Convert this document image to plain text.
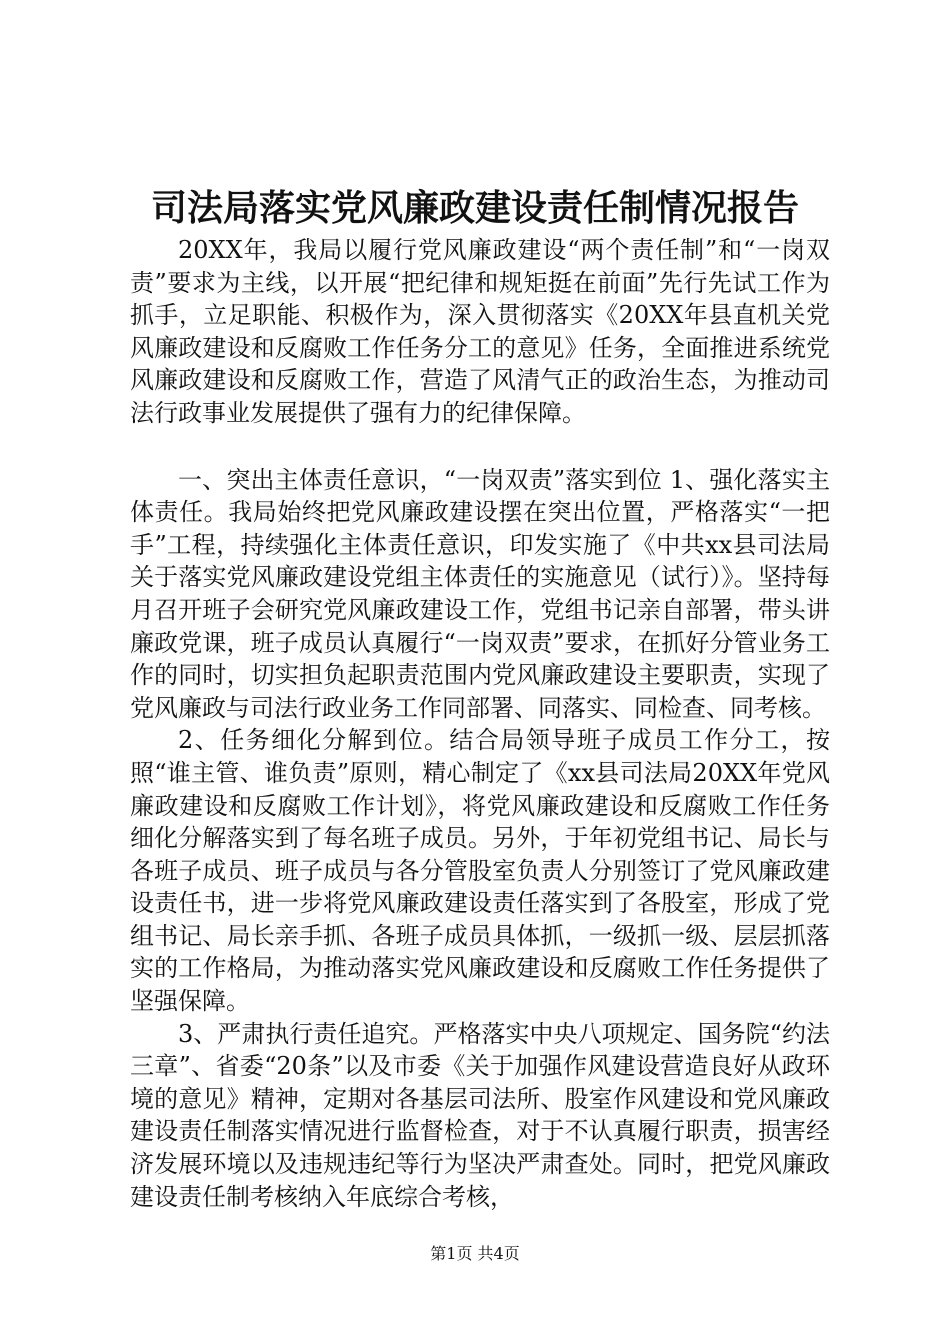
司法局落实党风廉政建设责任制情况报告

20XX年，我局以履行党风廉政建设“两个责任制”和“一岗双责”要求为主线，以开展“把纪律和规矩挺在前面”先行先试工作为抓手，立足职能、积极作为，深入贯彻落实《20XX年县直机关党风廉政建设和反腐败工作任务分工的意见》任务，全面推进系统党风廉政建设和反腐败工作，营造了风清气正的政治生态，为推动司法行政事业发展提供了强有力的纪律保障。

一、突出主体责任意识，“一岗双责”落实到位 1、强化落实主体责任。我局始终把党风廉政建设摆在突出位置，严格落实“一把手”工程，持续强化主体责任意识，印发实施了《中共xx县司法局关于落实党风廉政建设党组主体责任的实施意见（试行）》。坚持每月召开班子会研究党风廉政建设工作，党组书记亲自部署，带头讲廉政党课，班子成员认真履行“一岗双责”要求，在抓好分管业务工作的同时，切实担负起职责范围内党风廉政建设主要职责，实现了党风廉政与司法行政业务工作同部署、同落实、同检查、同考核。

2、任务细化分解到位。结合局领导班子成员工作分工，按照“谁主管、谁负责”原则，精心制定了《xx县司法局20XX年党风廉政建设和反腐败工作计划》，将党风廉政建设和反腐败工作任务细化分解落实到了每名班子成员。另外，于年初党组书记、局长与各班子成员、班子成员与各分管股室负责人分别签订了党风廉政建设责任书，进一步将党风廉政建设责任落实到了各股室，形成了党组书记、局长亲手抓、各班子成员具体抓，一级抓一级、层层抓落实的工作格局，为推动落实党风廉政建设和反腐败工作任务提供了坚强保障。

3、严肃执行责任追究。严格落实中央八项规定、国务院“约法三章”、省委“20条”以及市委《关于加强作风建设营造良好从政环境的意见》精神，定期对各基层司法所、股室作风建设和党风廉政建设责任制落实情况进行监督检查，对于不认真履行职责，损害经济发展环境以及违规违纪等行为坚决严肃查处。同时，把党风廉政建设责任制考核纳入年底综合考核，

第1页 共4页
